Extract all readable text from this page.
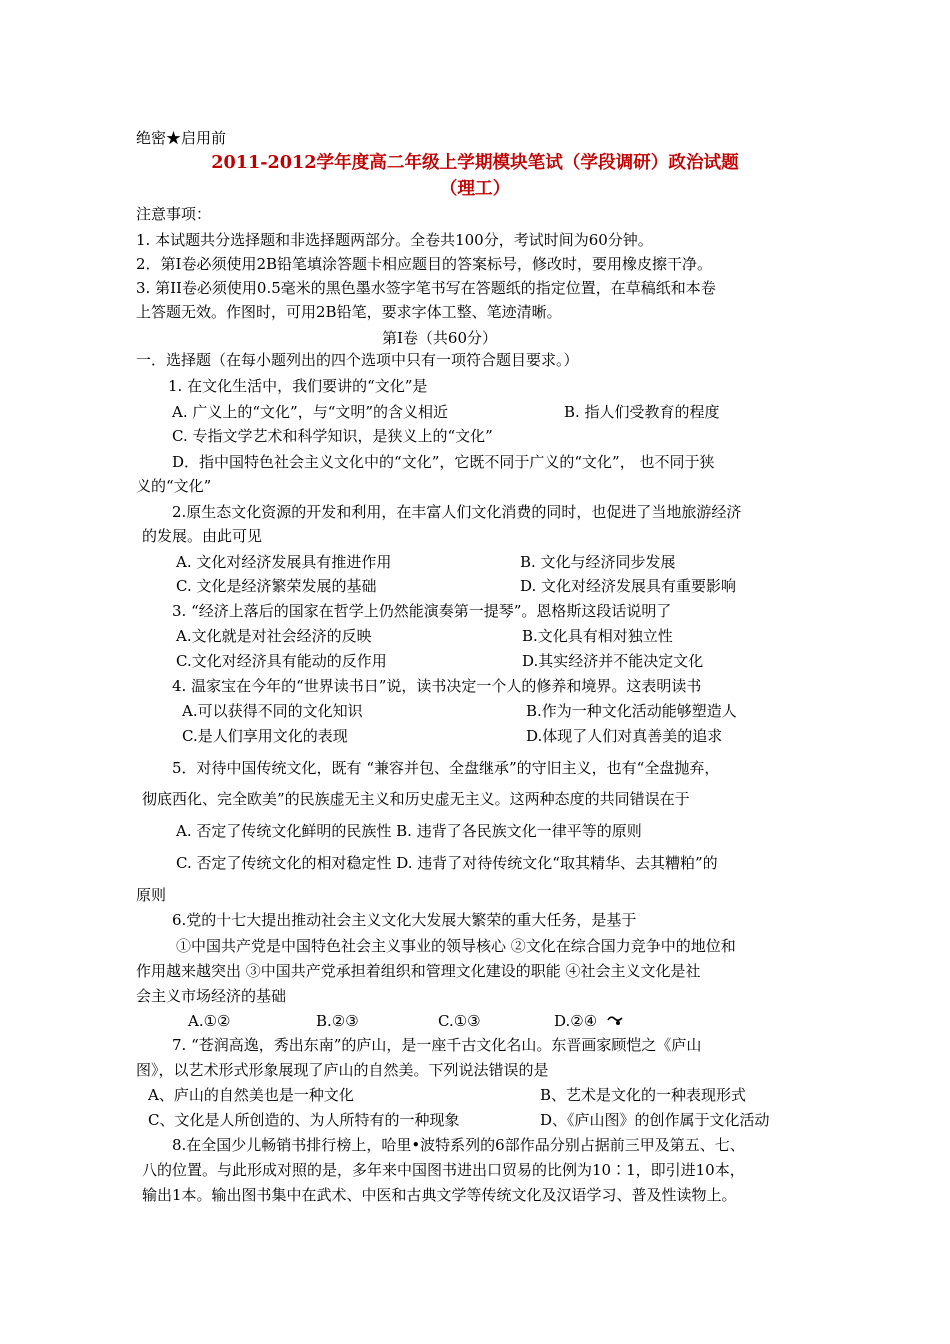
绝密★启用前
2011-2012学年度高二年级上学期模块笔试（学段调研）政治试题
（理工）
注意事项：
1. 本试题共分选择题和非选择题两部分。全卷共100分，考试时间为60分钟。
2．第Ⅰ卷必须使用2B铅笔填涂答题卡相应题目的答案标号，修改时，要用橡皮擦干净。
3. 第II卷必须使用0.5毫米的黑色墨水签字笔书写在答题纸的指定位置，在草稿纸和本卷
上答题无效。作图时，可用2B铅笔，要求字体工整、笔迹清晰。
第Ⅰ卷（共60分）
一．选择题（在每小题列出的四个选项中只有一项符合题目要求。）
1. 在文化生活中，我们要讲的“文化”是
A. 广义上的“文化”，与“文明”的含义相近	B. 指人们受教育的程度
C. 专指文学艺术和科学知识，是狭义上的“文化”
D．指中国特色社会主义文化中的“文化”，它既不同于广义的“文化”， 也不同于狭
义的“文化”
2.原生态文化资源的开发和利用，在丰富人们文化消费的同时，也促进了当地旅游经济
的发展。由此可见
A. 文化对经济发展具有推进作用	B. 文化与经济同步发展
C. 文化是经济繁荣发展的基础	D. 文化对经济发展具有重要影响
3. “经济上落后的国家在哲学上仍然能演奏第一提琴”。恩格斯这段话说明了
A.文化就是对社会经济的反映	B.文化具有相对独立性
C.文化对经济具有能动的反作用	D.其实经济并不能决定文化
4. 温家宝在今年的“世界读书日”说，读书决定一个人的修养和境界。这表明读书
A.可以获得不同的文化知识	B.作为一种文化活动能够塑造人
C.是人们享用文化的表现	D.体现了人们对真善美的追求
5．对待中国传统文化，既有 “兼容并包、全盘继承”的守旧主义，也有“全盘抛弃，
彻底西化、完全欧美”的民族虚无主义和历史虚无主义。这两种态度的共同错误在于
A. 否定了传统文化鲜明的民族性 B. 违背了各民族文化一律平等的原则
C. 否定了传统文化的相对稳定性 D. 违背了对待传统文化“取其精华、去其糟粕”的
原则
6.党的十七大提出推动社会主义文化大发展大繁荣的重大任务，是基于
①中国共产党是中国特色社会主义事业的领导核心 ②文化在综合国力竞争中的地位和
作用越来越突出 ③中国共产党承担着组织和管理文化建设的职能 ④社会主义文化是社
会主义市场经济的基础
A.①②	B.②③	C.①③	D.②④
7. “苍润高逸，秀出东南”的庐山，是一座千古文化名山。东晋画家顾恺之《庐山
图》，以艺术形式形象展现了庐山的自然美。下列说法错误的是
A、庐山的自然美也是一种文化	B、艺术是文化的一种表现形式
C、文化是人所创造的、为人所特有的一种现象	D、《庐山图》的创作属于文化活动
8.在全国少儿畅销书排行榜上，哈里•波特系列的6部作品分别占据前三甲及第五、七、
八的位置。与此形成对照的是，多年来中国图书进出口贸易的比例为10∶1，即引进10本，
输出1本。输出图书集中在武术、中医和古典文学等传统文化及汉语学习、普及性读物上。
